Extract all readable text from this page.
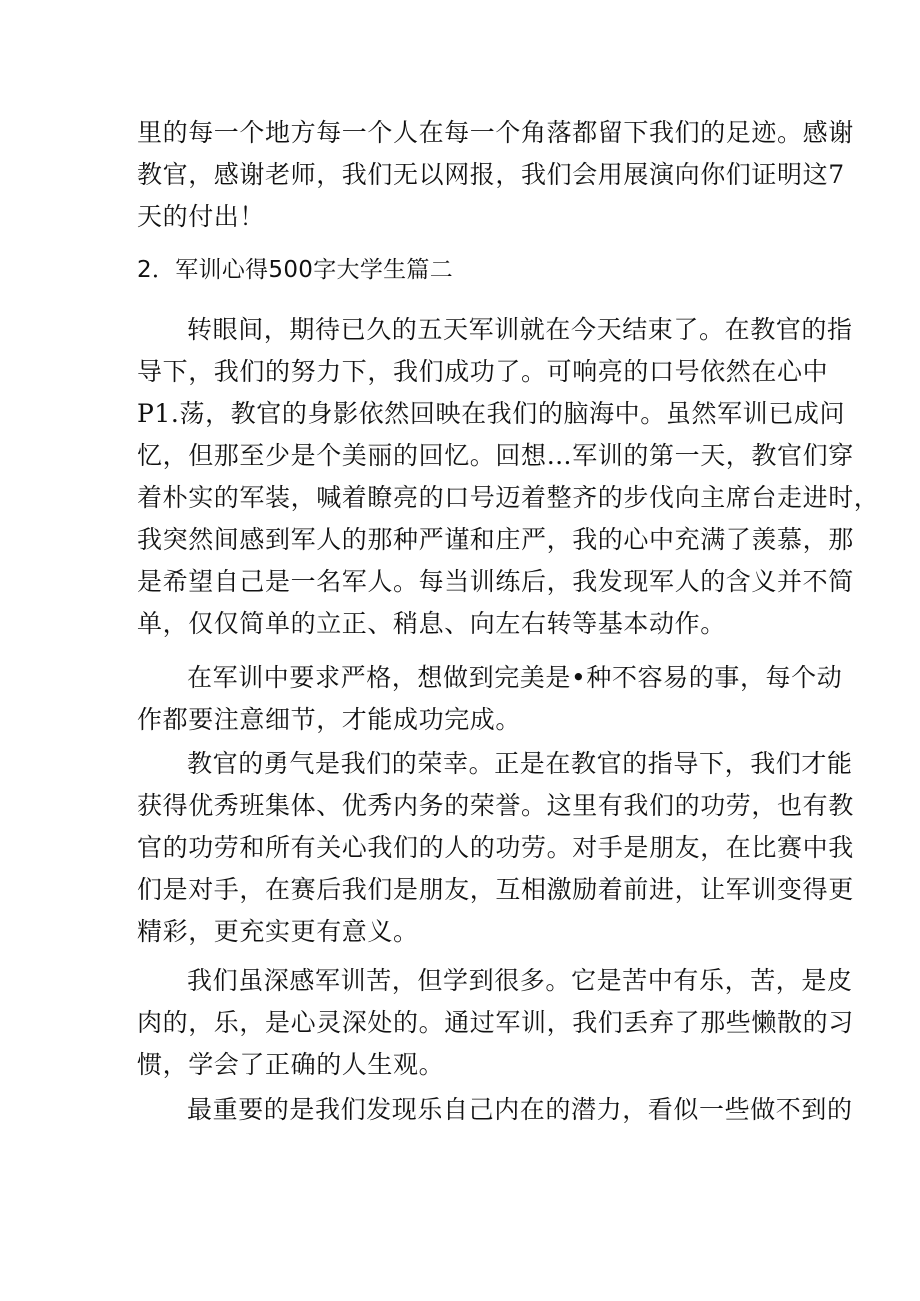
里的每一个地方每一个人在每一个角落都留下我们的足迹。感谢
教官，感谢老师，我们无以网报，我们会用展演向你们证明这7
天的付出！
2．军训心得500字大学生篇二
转眼间，期待已久的五天军训就在今天结束了。在教官的指
导下，我们的努力下，我们成功了。可响亮的口号依然在心中
P1.荡，教官的身影依然回映在我们的脑海中。虽然军训已成问
忆，但那至少是个美丽的回忆。回想…军训的第一天，教官们穿
着朴实的军装，喊着瞭亮的口号迈着整齐的步伐向主席台走进时，
我突然间感到军人的那种严谨和庄严，我的心中充满了羡慕，那
是希望自己是一名军人。每当训练后，我发现军人的含义并不简
单，仅仅简单的立正、稍息、向左右转等基本动作。
在军训中要求严格，想做到完美是•种不容易的事，每个动
作都要注意细节，才能成功完成。
教官的勇气是我们的荣幸。正是在教官的指导下，我们才能
获得优秀班集体、优秀内务的荣誉。这里有我们的功劳，也有教
官的功劳和所有关心我们的人的功劳。对手是朋友，在比赛中我
们是对手，在赛后我们是朋友，互相激励着前进，让军训变得更
精彩，更充实更有意义。
我们虽深感军训苦，但学到很多。它是苦中有乐，苦，是皮
肉的，乐，是心灵深处的。通过军训，我们丢弃了那些懒散的习
惯，学会了正确的人生观。
最重要的是我们发现乐自己内在的潜力，看似一些做不到的
